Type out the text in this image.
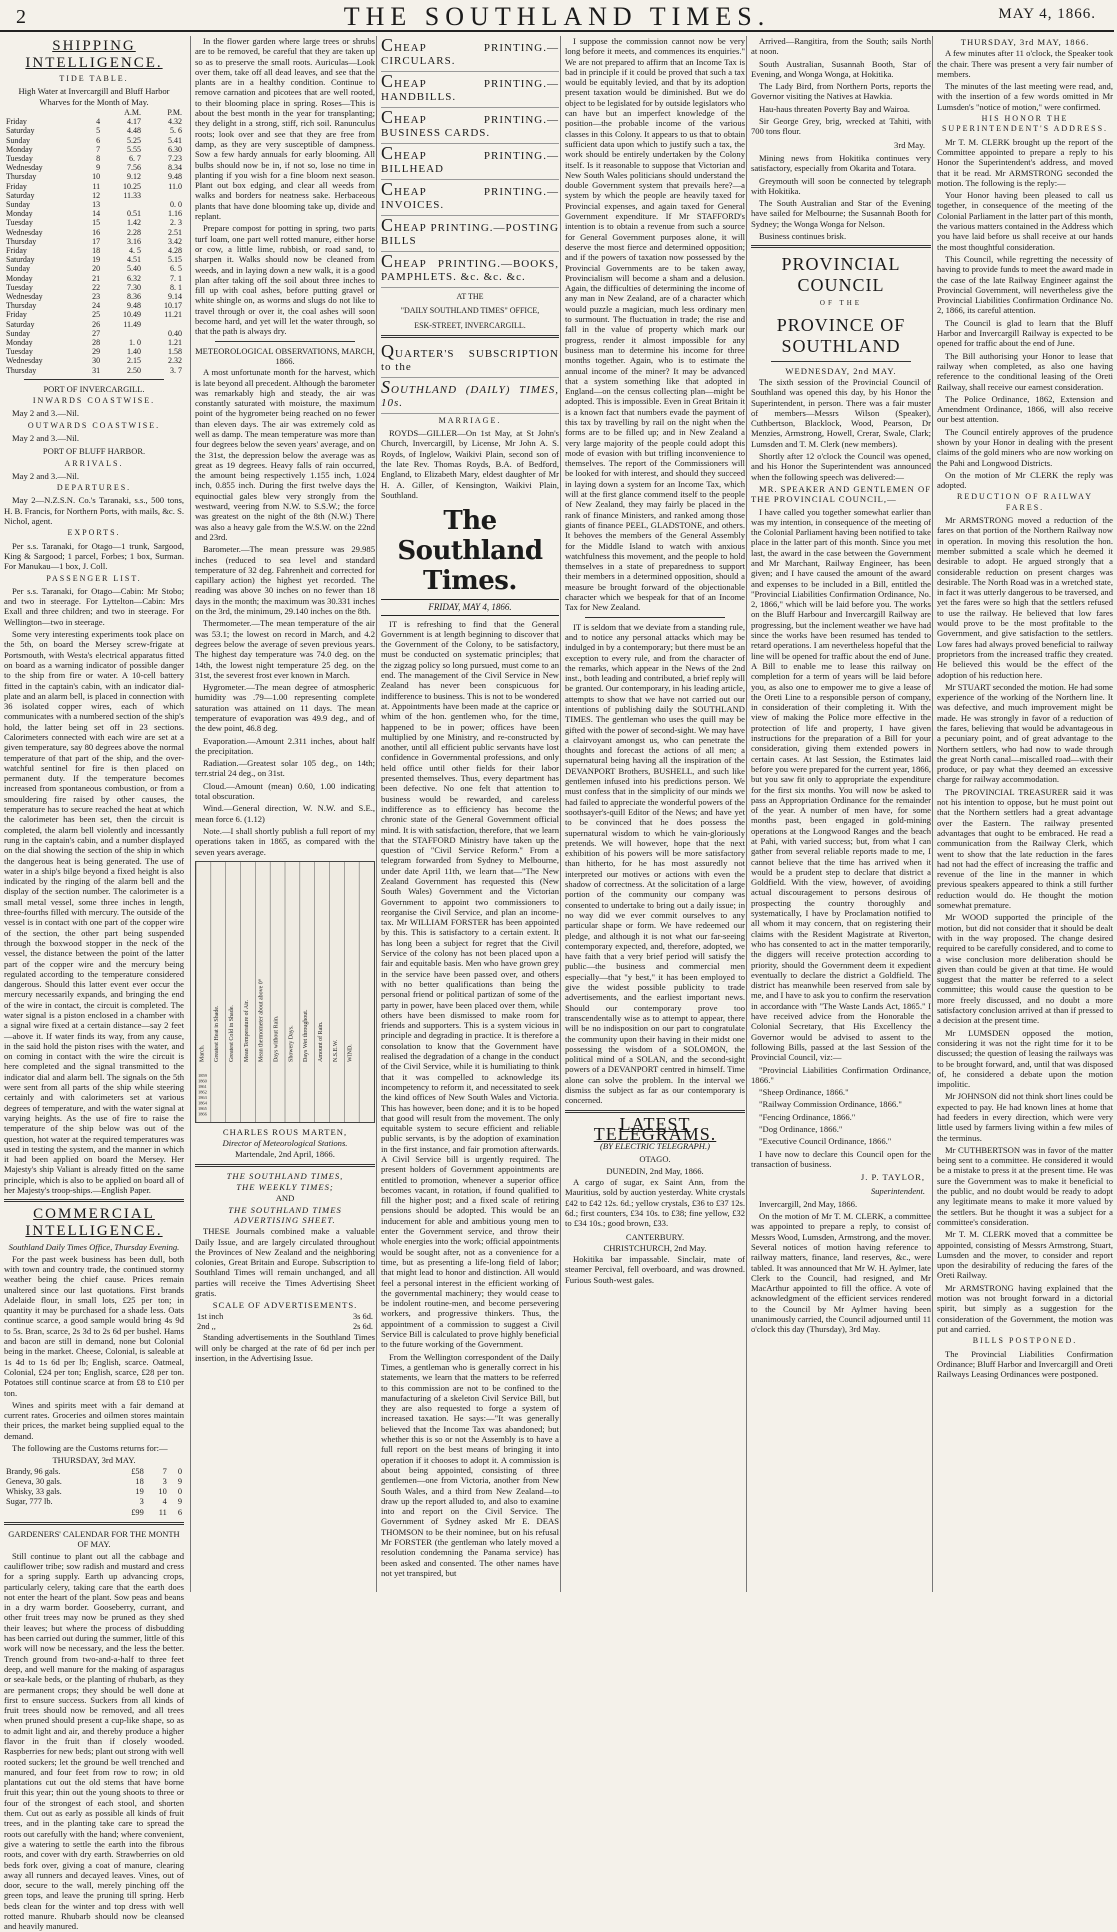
2	THE SOUTHLAND TIMES.	MAY 4, 1866.
SHIPPING INTELLIGENCE.
TIDE TABLE.

High Water at Invercargill and Bluff Harbor Wharves for the Month of May.

		A.M.	P.M.
Friday	4	4.17	4.32
Saturday	5	4.48	5. 6
Sunday	6	5.25	5.41
Monday	7	5.55	6.30
Tuesday	8	6. 7	7.23
Wednesday	9	7.56	8.34
Thursday	10	9.12	9.48
Friday	11	10.25	11.0
Saturday	12	11.33	
Sunday	13		0. 0
Monday	14	0.51	1.16
Tuesday	15	1.42	2. 3
Wednesday	16	2.28	2.51
Thursday	17	3.16	3.42
Friday	18	4. 5	4.28
Saturday	19	4.51	5.15
Sunday	20	5.40	6. 5
Monday	21	6.32	7. 1
Tuesday	22	7.30	8. 1
Wednesday	23	8.36	9.14
Thursday	24	9.48	10.17
Friday	25	10.49	11.21
Saturday	26	11.49	
Sunday	27		0.40
Monday	28	1. 0	1.21
Tuesday	29	1.40	1.58
Wednesday	30	2.15	2.32
Thursday	31	2.50	3. 7
PORT OF INVERCARGILL.
INWARDS COASTWISE.

May 2 and 3.—Nil.

OUTWARDS COASTWISE.

May 2 and 3.—Nil.

PORT OF BLUFF HARBOR.
ARRIVALS.

May 2 and 3.—Nil.

DEPARTURES.

May 2—N.Z.S.N. Co.'s Taranaki, s.s., 500 tons, H. B. Francis, for Northern Ports, with mails, &c. S. Nichol, agent.

EXPORTS.

Per s.s. Taranaki, for Otago—1 trunk, Sargood, King & Sargood; 1 parcel, Forbes; 1 box, Surman. For Manukau—1 box, J. Coll.

PASSENGER LIST.

Per s.s. Taranaki, for Otago—Cabin: Mr Stobo; and two in steerage. For Lyttelton—Cabin: Mrs Exall and three children; and two in steerage. For Wellington—two in steerage.

Some very interesting experiments took place on the 5th, on board the Mersey screw-frigate at Portsmouth, with Westa's electrical apparatus fitted on board as a warning indicator of possible danger to the ship from fire or water. A 10-cell battery fitted in the captain's cabin, with an indicator dial-plate and an alarm bell, is placed in connection with 36 isolated copper wires, each of which communicates with a numbered section of the ship's hold, the latter being set off in 23 sections. Calorimeters connected with each wire are set at a given temperature, say 80 degrees above the normal temperature of that part of the ship, and the over-watchful sentinel for fire is then placed on permanent duty. If the temperature becomes increased from spontaneous combustion, or from a smouldering fire raised by other causes, the temperature has to secure reached the heat at which the calorimeter has been set, then the circuit is completed, the alarm bell violently and incessantly rung in the captain's cabin, and a number displayed on the dial showing the section of the ship in which the dangerous heat is being generated. The use of water in a ship's bilge beyond a fixed height is also indicated by the ringing of the alarm bell and the display of the section number. The calorimeter is a small metal vessel, some three inches in length, three-fourths filled with mercury. The outside of the vessel is in contact with one part of the copper wire of the section, the other part being suspended through the boxwood stopper in the neck of the vessel, the distance between the point of the latter part of the copper wire and the mercury being regulated according to the temperature considered dangerous. Should this latter event ever occur the mercury necessarily expands, and bringing the end of the wire in contact, the circuit is completed. The water signal is a piston enclosed in a chamber with a signal wire fixed at a certain distance—say 2 feet—above it. If water finds its way, from any cause, in the said hold the piston rises with the water, and on coming in contact with the wire the circuit is here completed and the signal transmitted to the indicator dial and alarm bell. The signals on the 5th were sent from all parts of the ship while steering certainly and with calorimeters set at various degrees of temperature, and with the water signal at varying heights. As the use of fire to raise the temperature of the ship below was out of the question, hot water at the required temperatures was used in testing the system, and the manner in which it had been applied on board the Mersey. Her Majesty's ship Valiant is already fitted on the same principle, which is also to be applied on board all of her Majesty's troop-ships.—English Paper.

COMMERCIAL INTELLIGENCE.

Southland Daily Times Office, Thursday Evening.

For the past week business has been dull, both with town and country trade, the continued stormy weather being the chief cause. Prices remain unaltered since our last quotations. First brands Adelaide flour, in small lots, £25 per ton; in quantity it may be purchased for a shade less. Oats continue scarce, a good sample would bring 4s 9d to 5s. Bran, scarce, 2s 3d to 2s 6d per bushel. Hams and bacon are still in demand, none but Colonial being in the market. Cheese, Colonial, is saleable at 1s 4d to 1s 6d per lb; English, scarce. Oatmeal, Colonial, £24 per ton; English, scarce, £28 per ton. Potatoes still continue scarce at from £8 to £10 per ton.

Wines and spirits meet with a fair demand at current rates. Groceries and oilmen stores maintain their prices, the market being supplied equal to the demand.

The following are the Customs returns for:—

THURSDAY, 3rd MAY.

Brandy, 96 gals.	£58	7	0
Geneva, 30 gals.	18	3	9
Whisky, 33 gals.	19	10	0
Sugar, 777 lb.	3	4	9
	£99	11	6
GARDENERS' CALENDAR FOR THE MONTH OF MAY.

Still continue to plant out all the cabbage and cauliflower tribe; sow radish and mustard and cress for a spring supply. Earth up advancing crops, particularly celery, taking care that the earth does not enter the heart of the plant. Sow peas and beans in a dry warm border. Gooseberry, currant, and other fruit trees may now be pruned as they shed their leaves; but where the process of disbudding has been carried out during the summer, little of this work will now be necessary, and the less the better. Trench ground from two-and-a-half to three feet deep, and well manure for the making of asparagus or sea-kale beds, or the planting of rhubarb, as they are permanent crops; they should be well done at first to ensure success. Suckers from all kinds of fruit trees should now be removed, and all trees when pruned should present a cup-like shape, so as to admit light and air, and thereby produce a higher flavor in the fruit than if closely wooded. Raspberries for new beds; plant out strong with well rooted suckers; let the ground be well trenched and manured, and four feet from row to row; in old plantations cut out the old stems that have borne fruit this year; thin out the young shoots to three or four of the strongest of each stool, and shorten them. Cut out as early as possible all kinds of fruit trees, and in the planting take care to spread the roots out carefully with the hand; where convenient, give a watering to settle the earth into the fibrous roots, and cover with dry earth. Strawberries on old beds fork over, giving a coat of manure, clearing away all runners and decayed leaves. Vines, out of door, secure to the wall, merely pinching off the green tops, and leave the pruning till spring. Herb beds clean for the winter and top dress with well rotted manure. Rhubarb should now be cleansed and heavily manured.

In the flower garden where large trees or shrubs are to be removed, be careful that they are taken up so as to preserve the small roots. Auriculas—Look over them, take off all dead leaves, and see that the plants are in a healthy condition. Continue to remove carnation and picotees that are well rooted, to their blooming place in spring. Roses—This is about the best month in the year for transplanting; they delight in a strong, stiff, rich soil. Ranunculus roots; look over and see that they are free from damp, as they are very susceptible of dampness. Sow a few hardy annuals for early blooming. All bulbs should now be in, if not so, lose no time in planting if you wish for a fine bloom next season. Plant out box edging, and clear all weeds from walks and borders for neatness sake. Herbaceous plants that have done blooming take up, divide and replant.

Prepare compost for potting in spring, two parts turf loam, one part well rotted manure, either horse or cow, a little lime, rubbish, or road sand, to sharpen it. Walks should now be cleaned from weeds, and in laying down a new walk, it is a good plan after taking off the soil about three inches to fill up with coal ashes, before putting gravel or white shingle on, as worms and slugs do not like to travel through or over it, the coal ashes will soon become hard, and yet will let the water through, so that the path is always dry.

METEOROLOGICAL OBSERVATIONS, MARCH, 1866.

A most unfortunate month for the harvest, which is late beyond all precedent. Although the barometer was remarkably high and steady, the air was constantly saturated with moisture, the maximum point of the hygrometer being reached on no fewer than eleven days. The air was extremely cold as well as damp. The mean temperature was more than four degrees below the seven years' average, and on the 31st, the depression below the average was as great as 19 degrees. Heavy falls of rain occurred, the amount being respectively 1.155 inch, 1.024 inch, 0.855 inch. During the first twelve days the equinoctial gales blew very strongly from the westward, veering from N.W. to S.S.W.; the force was greatest on the night of the 8th (N.W.) There was also a heavy gale from the W.S.W. on the 22nd and 23rd.

Barometer.—The mean pressure was 29.985 inches (reduced to sea level and standard temperature of 32 deg. Fahrenheit and corrected for capillary action) the highest yet recorded. The reading was above 30 inches on no fewer than 18 days in the month; the maximum was 30.331 inches on the 3rd, the minimum, 29.140 inches on the 8th.

Thermometer.—The mean temperature of the air was 53.1; the lowest on record in March, and 4.2 degrees below the average of seven previous years. The highest day temperature was 74.0 deg. on the 14th, the lowest night temperature 25 deg. on the 31st, the severest frost ever known in March.

Hygrometer.—The mean degree of atmospheric humidity was .79—1.00 representing complete saturation was attained on 11 days. The mean temperature of evaporation was 49.9 deg., and of the dew point, 46.8 deg.

Evaporation.—Amount 2.311 inches, about half the precipitation.

Radiation.—Greatest solar 105 deg., on 14th; terr.strial 24 deg., on 31st.

Cloud.—Amount (mean) 0.60, 1.00 indicating total obscuration.

Wind.—General direction, W. N.W. and S.E., mean force 6. (1.12)

Note.—I shall shortly publish a full report of my operations taken in 1865, as compared with the seven years average.

March. Greatest Heat in Shade. Greatest Cold in Shade. Mean Temperature of Air. Mean thermometer about above 0° Days without Rain. Showery Days. Days Wet throughout. Amount of Rain. N.S.E.W. WIND.
1859
1860
1861
1862
1863
1864
1865
1866

CHARLES ROUS MARTEN,

Director of Meteorological Stations.

Martendale, 2nd April, 1866.

THE SOUTHLAND TIMES,

THE WEEKLY TIMES;

AND

THE SOUTHLAND TIMES ADVERTISING SHEET.

THESE Journals combined make a valuable Daily Issue, and are largely circulated throughout the Provinces of New Zealand and the neighboring colonies, Great Britain and Europe. Subscription to Southland Times will remain unchanged, and all parties will receive the Times Advertising Sheet gratis.

SCALE OF ADVERTISEMENTS.

1st inch	3s 6d.
2nd ,,	2s 6d.

Standing advertisements in the Southland Times will only be charged at the rate of 6d per inch per insertion, in the Advertising Issue.

CHEAP PRINTING.—CIRCULARS.

CHEAP PRINTING.—HANDBILLS.

CHEAP PRINTING.—BUSINESS CARDS.

CHEAP PRINTING.—BILLHEAD

CHEAP PRINTING.—INVOICES.

CHEAP PRINTING.—POSTING BILLS

CHEAP PRINTING.—BOOKS, PAMPHLETS. &c. &c. &c.

AT THE

"DAILY SOUTHLAND TIMES" OFFICE,

ESK-STREET, INVERCARGILL.

QUARTER'S SUBSCRIPTION to the

SOUTHLAND (DAILY) TIMES, 10s.

MARRIAGE.

ROYDS—GILLER—On 1st May, at St John's Church, Invercargill, by License, Mr John A. S. Royds, of Inglelow, Waikivi Plain, second son of the late Rev. Thomas Royds, B.A. of Bedford, England, to Elizabeth Mary, eldest daughter of Mr H. A. Giller, of Kensington, Waikivi Plain, Southland.

The Southland Times.

FRIDAY, MAY 4, 1866.

IT is refreshing to find that the General Government is at length beginning to discover that the Government of the Colony, to be satisfactory, must be conducted on systematic principles; that the zigzag policy so long pursued, must come to an end. The management of the Civil Service in New Zealand has never been conspicuous for indifference to business. This is not to be wondered at. Appointments have been made at the caprice or whim of the hon. gentlemen who, for the time, happened to be in power; offices have been multiplied by one Ministry, and re-constructed by another, until all efficient public servants have lost confidence in Governmental professions, and only held office until other fields for their labor presented themselves. Thus, every department has been defective. No one felt that attention to business would be rewarded, and careless indifference as to efficiency has become the chronic state of the General Government official mind. It is with satisfaction, therefore, that we learn that the STAFFORD Ministry have taken up the question of "Civil Service Reform." From a telegram forwarded from Sydney to Melbourne, under date April 11th, we learn that—"The New Zealand Government has requested this (New South Wales) Government and the Victorian Government to appoint two commissioners to reorganise the Civil Service, and plan an income-tax. Mr WILLIAM FORSTER has been appointed by this. This is satisfactory to a certain extent. It has long been a subject for regret that the Civil Service of the colony has not been placed upon a fair and equitable basis. Men who have grown grey in the service have been passed over, and others with no better qualifications than being the personal friend or political partizan of some of the party in power, have been placed over them, while others have been dismissed to make room for friends and supporters. This is a system vicious in principle and degrading in practice. It is therefore a consolation to know that the Government have realised the degradation of a change in the conduct of the Civil Service, while it is humiliating to think that it was compelled to acknowledge its incompetency to reform it, and necessitated to seek the kind offices of New South Wales and Victoria. This has however, been done; and it is to be hoped that good will result from the movement. The only equitable system to secure efficient and reliable public servants, is by the adoption of examination in the first instance, and fair promotion afterwards. A Civil Service bill is urgently required. The present holders of Government appointments are entitled to promotion, whenever a superior office becomes vacant, in rotation, if found qualified to fill the higher post; and a fixed scale of retiring pensions should be adopted. This would be an inducement for able and ambitious young men to enter the Government service, and throw their whole energies into the work; official appointments would be sought after, not as a convenience for a time, but as presenting a life-long field of labor; that might lead to honor and distinction. All would feel a personal interest in the efficient working of the governmental machinery; they would cease to be indolent routine-men, and become persevering workers, and progressive thinkers. Thus, the appointment of a commission to suggest a Civil Service Bill is calculated to prove highly beneficial to the future working of the Government.

From the Wellington correspondent of the Daily Times, a gentleman who is generally correct in his statements, we learn that the matters to be referred to this commission are not to be confined to the manufacturing of a skeleton Civil Service Bill, but they are also requested to forge a system of increased taxation. He says:—"It was generally believed that the Income Tax was abandoned; but whether this is so or not the Assembly is to have a full report on the best means of bringing it into operation if it chooses to adopt it. A commission is about being appointed, consisting of three gentlemen—one from Victoria, another from New South Wales, and a third from New Zealand—to draw up the report alluded to, and also to examine into and report on the Civil Service. The Government of Sydney asked Mr E. DEAS THOMSON to be their nominee, but on his refusal Mr FORSTER (the gentleman who lately moved a resolution condemning the Panama service) has been asked and consented. The other names have not yet transpired, but

I suppose the commission cannot now be very long before it meets, and commences its enquiries." We are not prepared to affirm that an Income Tax is bad in principle if it could be proved that such a tax would be equitably levied, and that by its adoption present taxation would be diminished. But we do object to be legislated for by outside legislators who can have but an imperfect knowledge of the position—the probable income of the various classes in this Colony. It appears to us that to obtain sufficient data upon which to justify such a tax, the work should be entirely undertaken by the Colony itself. Is it reasonable to suppose that Victorian and New South Wales politicians should understand the double Government system that prevails here?—a system by which the people are heavily taxed for Provincial expenses, and again taxed for General Government expenditure. If Mr STAFFORD's intention is to obtain a revenue from such a source for General Government purposes alone, it will deserve the most fierce and determined opposition; and if the powers of taxation now possessed by the Provincial Governments are to be taken away, Provincialism will become a sham and a delusion. Again, the difficulties of determining the income of any man in New Zealand, are of a character which would puzzle a magician, much less ordinary men to surmount. The fluctuation in trade; the rise and fall in the value of property which mark our progress, render it almost impossible for any business man to determine his income for three months together. Again, who is to estimate the annual income of the miner? It may be advanced that a system something like that adopted in England—on the census collecting plan—might be adopted. This is impossible. Even in Great Britain it is a known fact that numbers evade the payment of this tax by travelling by rail on the night when the forms are to be filled up; and in New Zealand a very large majority of the people could adopt this mode of evasion with but trifling inconvenience to themselves. The report of the Commissioners will be looked for with interest, and should they succeed in laying down a system for an Income Tax, which will at the first glance commend itself to the people of New Zealand, they may fairly be placed in the rank of finance Ministers, and ranked among those giants of finance PEEL, GLADSTONE, and others. It behoves the members of the General Assembly for the Middle Island to watch with anxious watchfulness this movement, and the people to hold themselves in a state of preparedness to support their members in a determined opposition, should a measure be brought forward of the objectionable character which we bespeak for that of an Income Tax for New Zealand.

IT is seldom that we deviate from a standing rule, and to notice any personal attacks which may be indulged in by a contemporary; but there must be an exception to every rule, and from the character of the remarks, which appear in the News of the 2nd inst., both leading and contributed, a brief reply will be granted. Our contemporary, in his leading article, attempts to show that we have not carried out our intentions of publishing daily the SOUTHLAND TIMES. The gentleman who uses the quill may be gifted with the power of second-sight. We may have a clairvoyant amongst us, who can penetrate the thoughts and forecast the actions of all men; a supernatural being having all the inspiration of the DEVANPORT Brothers, BUSHELL, and such like gentlemen infused into his predictions person. We must confess that in the simplicity of our minds we had failed to appreciate the wonderful powers of the soothsayer's-quill Editor of the News; and have yet to be convinced that he does possess the supernatural wisdom to which he vain-gloriously pretends. We will however, hope that the next exhibition of his powers will be more satisfactory than hitherto, for he has most assuredly not interpreted our motives or actions with even the shadow of correctness. At the solicitation of a large portion of the community our company was consented to undertake to bring out a daily issue; in no way did we ever commit ourselves to any particular shape or form. We have redeemed our pledge, and although it is not what our far-seeing contemporary expected, and, therefore, adopted, we have faith that a very brief period will satisfy the public—the business and commercial men especially—that "y best," it has been employed to give the widest possible publicity to trade advertisements, and the earliest important news. Should our contemporary prove too transcendentally wise as to attempt to appear, there will be no indisposition on our part to congratulate the community upon their having in their midst one possessing the wisdom of a SOLOMON, the political mind of a SOLAN, and the second-sight powers of a DEVANPORT centred in himself. Time alone can solve the problem. In the interval we dismiss the subject as far as our contemporary is concerned.

LATEST TELEGRAMS.

(BY ELECTRIC TELEGRAPH.)

OTAGO.

DUNEDIN, 2nd May, 1866.

A cargo of sugar, ex Saint Ann, from the Mauritius, sold by auction yesterday. White crystals £42 to £42 12s. 6d.; yellow crystals, £36 to £37 12s. 6d.; first counters, £34 10s. to £38; fine yellow, £32 to £34 10s.; good brown, £33.

CANTERBURY.

CHRISTCHURCH, 2nd May.

Hokitika bar impassable. Sinclair, mate of steamer Percival, fell overboard, and was drowned. Furious South-west gales.

Arrived—Rangitira, from the South; sails North at noon.

South Australian, Susannah Booth, Star of Evening, and Wonga Wonga, at Hokitika.

The Lady Bird, from Northern Ports, reports the Governor visiting the Natives at Hawkia.

Hau-haus threaten Poverty Bay and Wairoa.

Sir George Grey, brig, wrecked at Tahiti, with 700 tons flour.

3rd May.

Mining news from Hokitika continues very satisfactory, especially from Okarita and Totara.

Greymouth will soon be connected by telegraph with Hokitika.

The South Australian and Star of the Evening have sailed for Melbourne; the Susannah Booth for Sydney; the Wonga Wonga for Nelson.

Business continues brisk.

PROVINCIAL COUNCIL
OF THE
PROVINCE OF SOUTHLAND

WEDNESDAY, 2nd MAY.

The sixth session of the Provincial Council of Southland was opened this day, by his Honor the Superintendent, in person. There was a fair muster of members—Messrs Wilson (Speaker), Cuthbertson, Blacklock, Wood, Pearson, Dr Menzies, Armstrong, Howell, Crerar, Swale, Clark; Lumsden and T. M. Clerk (new members).

Shortly after 12 o'clock the Council was opened, and his Honor the Superintendent was announced when the following speech was delivered:—

MR. SPEAKER AND GENTLEMEN OF THE PROVINCIAL COUNCIL,—

I have called you together somewhat earlier than was my intention, in consequence of the meeting of the Colonial Parliament having been notified to take place in the latter part of this month. Since you met last, the award in the case between the Government and Mr Marchant, Railway Engineer, has been given; and I have caused the amount of the award and expenses to be included in a Bill, entitled the "Provincial Liabilities Confirmation Ordinance, No. 2, 1866," which will be laid before you. The works on the Bluff Harbour and Invercargill Railway are progressing, but the inclement weather we have had since the works have been resumed has tended to retard operations. I am nevertheless hopeful that the line will be opened for traffic about the end of June. A Bill to enable me to lease this railway on completion for a term of years will be laid before you, as also one to empower me to give a lease of the Oreti Line to a responsible person of company, in consideration of their completing it. With the view of making the Police more effective in the protection of life and property, I have given instructions for the preparation of a Bill for your consideration, giving them extended powers in certain cases. At last Session, the Estimates laid before you were prepared for the current year, 1866, but you saw fit only to appropriate the expenditure for the first six months. You will now be asked to pass an Appropriation Ordinance for the remainder of the year. A number of men have, for some months past, been engaged in gold-mining operations at the Longwood Ranges and the beach at Pahi, with varied success; but, from what I can gather from several reliable reports made to me, I cannot believe that the time has arrived when it would be a prudent step to declare that district a Goldfield. With the view, however, of avoiding actual discouragement to persons desirous of prospecting the country thoroughly and systematically, I have by Proclamation notified to all whom it may concern, that on registering their claims with the Resident Magistrate at Riverton, who has consented to act in the matter temporarily, the diggers will receive protection according to priority, should the Government deem it expedient eventually to declare the district a Goldfield. The district has meanwhile been reserved from sale by me, and I have to ask you to confirm the reservation in accordance with "The Waste Lands Act, 1865." I have received advice from the Honorable the Colonial Secretary, that His Excellency the Governor would be advised to assent to the following Bills, passed at the last Session of the Provincial Council, viz:—

"Provincial Liabilities Confirmation Ordinance, 1866."

"Sheep Ordinance, 1866."

"Railway Commission Ordinance, 1866."

"Fencing Ordinance, 1866."

"Dog Ordinance, 1866."

"Executive Council Ordinance, 1866."

I have now to declare this Council open for the transaction of business.

J. P. TAYLOR,

Superintendent.

Invercargill, 2nd May, 1866.

On the motion of Mr T. M. CLERK, a committee was appointed to prepare a reply, to consist of Messrs Wood, Lumsden, Armstrong, and the mover. Several notices of motion having reference to railway matters, finance, land reserves, &c., were tabled. It was announced that Mr W. H. Aylmer, late Clerk to the Council, had resigned, and Mr MacArthur appointed to fill the office. A vote of acknowledgment of the efficient services rendered to the Council by Mr Aylmer having been unanimously carried, the Council adjourned until 11 o'clock this day (Thursday), 3rd May.

THURSDAY, 3rd MAY, 1866.

A few minutes after 11 o'clock, the Speaker took the chair. There was present a very fair number of members.

The minutes of the last meeting were read, and, with the insertion of a few words omitted in Mr Lumsden's "notice of motion," were confirmed.

HIS HONOR THE SUPERINTENDENT'S ADDRESS.

Mr T. M. CLERK brought up the report of the Committee appointed to prepare a reply to his Honor the Superintendent's address, and moved that it be read. Mr ARMSTRONG seconded the motion. The following is the reply:—

Your Honor having been pleased to call us together, in consequence of the meeting of the Colonial Parliament in the latter part of this month, the various matters contained in the Address which you have laid before us shall receive at our hands the most thoughtful consideration.

This Council, while regretting the necessity of having to provide funds to meet the award made in the case of the late Railway Engineer against the Provincial Government, will nevertheless give the Provincial Liabilities Confirmation Ordinance No. 2, 1866, its careful attention.

The Council is glad to learn that the Bluff Harbor and Invercargill Railway is expected to be opened for traffic about the end of June.

The Bill authorising your Honor to lease that railway when completed, as also one having reference to the conditional leasing of the Oreti Railway, shall receive our earnest consideration.

The Police Ordinance, 1862, Extension and Amendment Ordinance, 1866, will also receive our best attention.

The Council entirely approves of the prudence shown by your Honor in dealing with the present claims of the gold miners who are now working on the Pahi and Longwood Districts.

On the motion of Mr CLERK the reply was adopted.

REDUCTION OF RAILWAY FARES.

Mr ARMSTRONG moved a reduction of the fares on that portion of the Northern Railway now in operation. In moving this resolution the hon. member submitted a scale which he deemed it desirable to adopt. He argued strongly that a considerable reduction on present charges was desirable. The North Road was in a wretched state, in fact it was utterly dangerous to be traversed, and yet the fares were so high that the settlers refused to use the railway. He believed that low fares would prove to be the most profitable to the Government, and give satisfaction to the settlers. Low fares had always proved beneficial to railway proprietors from the increased traffic they created. He believed this would be the effect of the adoption of his reduction here.

Mr STUART seconded the motion. He had some experience of the working of the Northern line. It was defective, and much improvement might be made. He was strongly in favor of a reduction of the fares, believing that would be advantageous in a pecuniary point, and of great advantage to the Northern settlers, who had now to wade through the great North canal—miscalled road—with their produce, or pay what they deemed an excessive charge for railway accommodation.

The PROVINCIAL TREASURER said it was not his intention to oppose, but he must point out that the Northern settlers had a great advantage over the Eastern. The railway presented advantages that ought to be embraced. He read a communication from the Railway Clerk, which went to show that the late reduction in the fares had not had the effect of increasing the traffic and revenue of the line in the manner in which previous speakers appeared to think a still further reduction would do. He thought the motion somewhat premature.

Mr WOOD supported the principle of the motion, but did not consider that it should be dealt with in the way proposed. The change desired required to be carefully considered, and to come to a wise conclusion more deliberation should be given than could be given at that time. He would suggest that the matter be referred to a select committee; this would cause the question to be more freely discussed, and no doubt a more satisfactory conclusion arrived at than if pressed to a decision at the present time.

Mr LUMSDEN opposed the motion, considering it was not the right time for it to be discussed; the question of leasing the railways was to be brought forward, and, until that was disposed of, he considered a debate upon the motion impolitic.

Mr JOHNSON did not think short lines could be expected to pay. He had known lines at home that had feeders in every direction, which were very little used by farmers living within a few miles of the terminus.

Mr CUTHBERTSON was in favor of the matter being sent to a committee. He considered it would be a mistake to press it at the present time. He was sure the Government was to make it beneficial to the public, and no doubt would be ready to adopt any legitimate means to make it more valued by the settlers. But he thought it was a subject for a committee's consideration.

Mr T. M. CLERK moved that a committee be appointed, consisting of Messrs Armstrong, Stuart, Lumsden and the mover, to consider and report upon the desirability of reducing the fares of the Oreti Railway.

Mr ARMSTRONG having explained that the motion was not brought forward in a dictorial spirit, but simply as a suggestion for the consideration of the Government, the motion was put and carried.

BILLS POSTPONED.

The Provincial Liabilities Confirmation Ordinance; Bluff Harbor and Invercargill and Oreti Railways Leasing Ordinances were postponed.
